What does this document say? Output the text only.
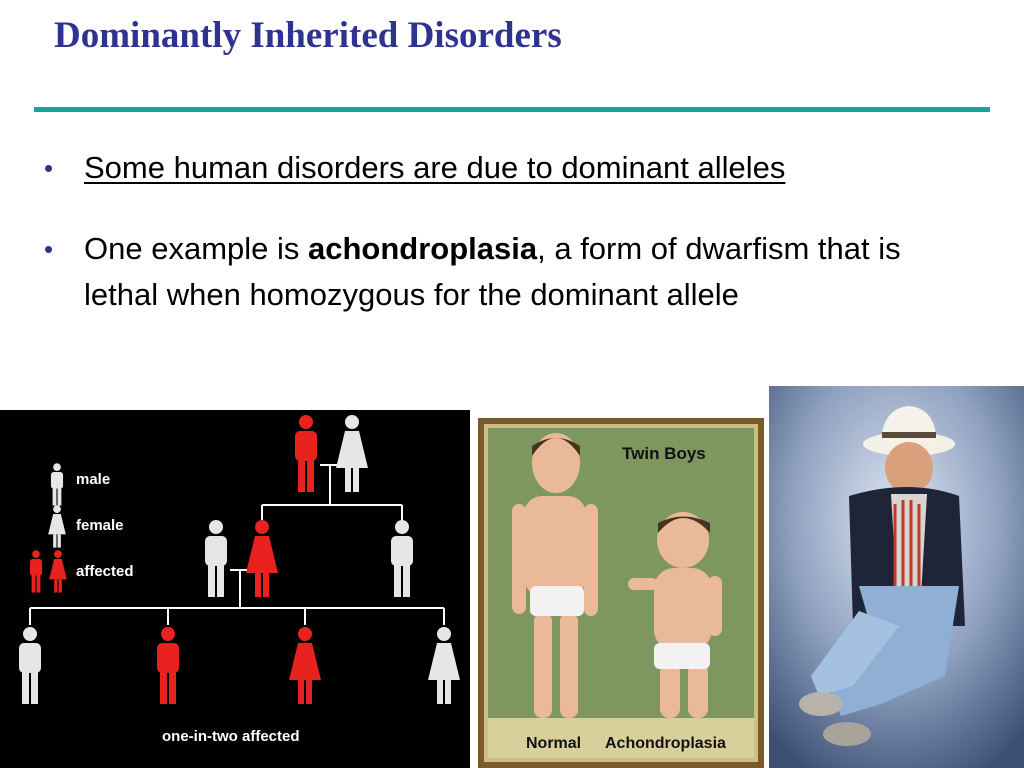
Dominantly Inherited Disorders
• Some human disorders are due to dominant alleles
• One example is achondroplasia, a form of dwarfism that is lethal when homozygous for the dominant allele
male
female
affected
one-in-two affected
Twin Boys
Normal Achondroplasia
